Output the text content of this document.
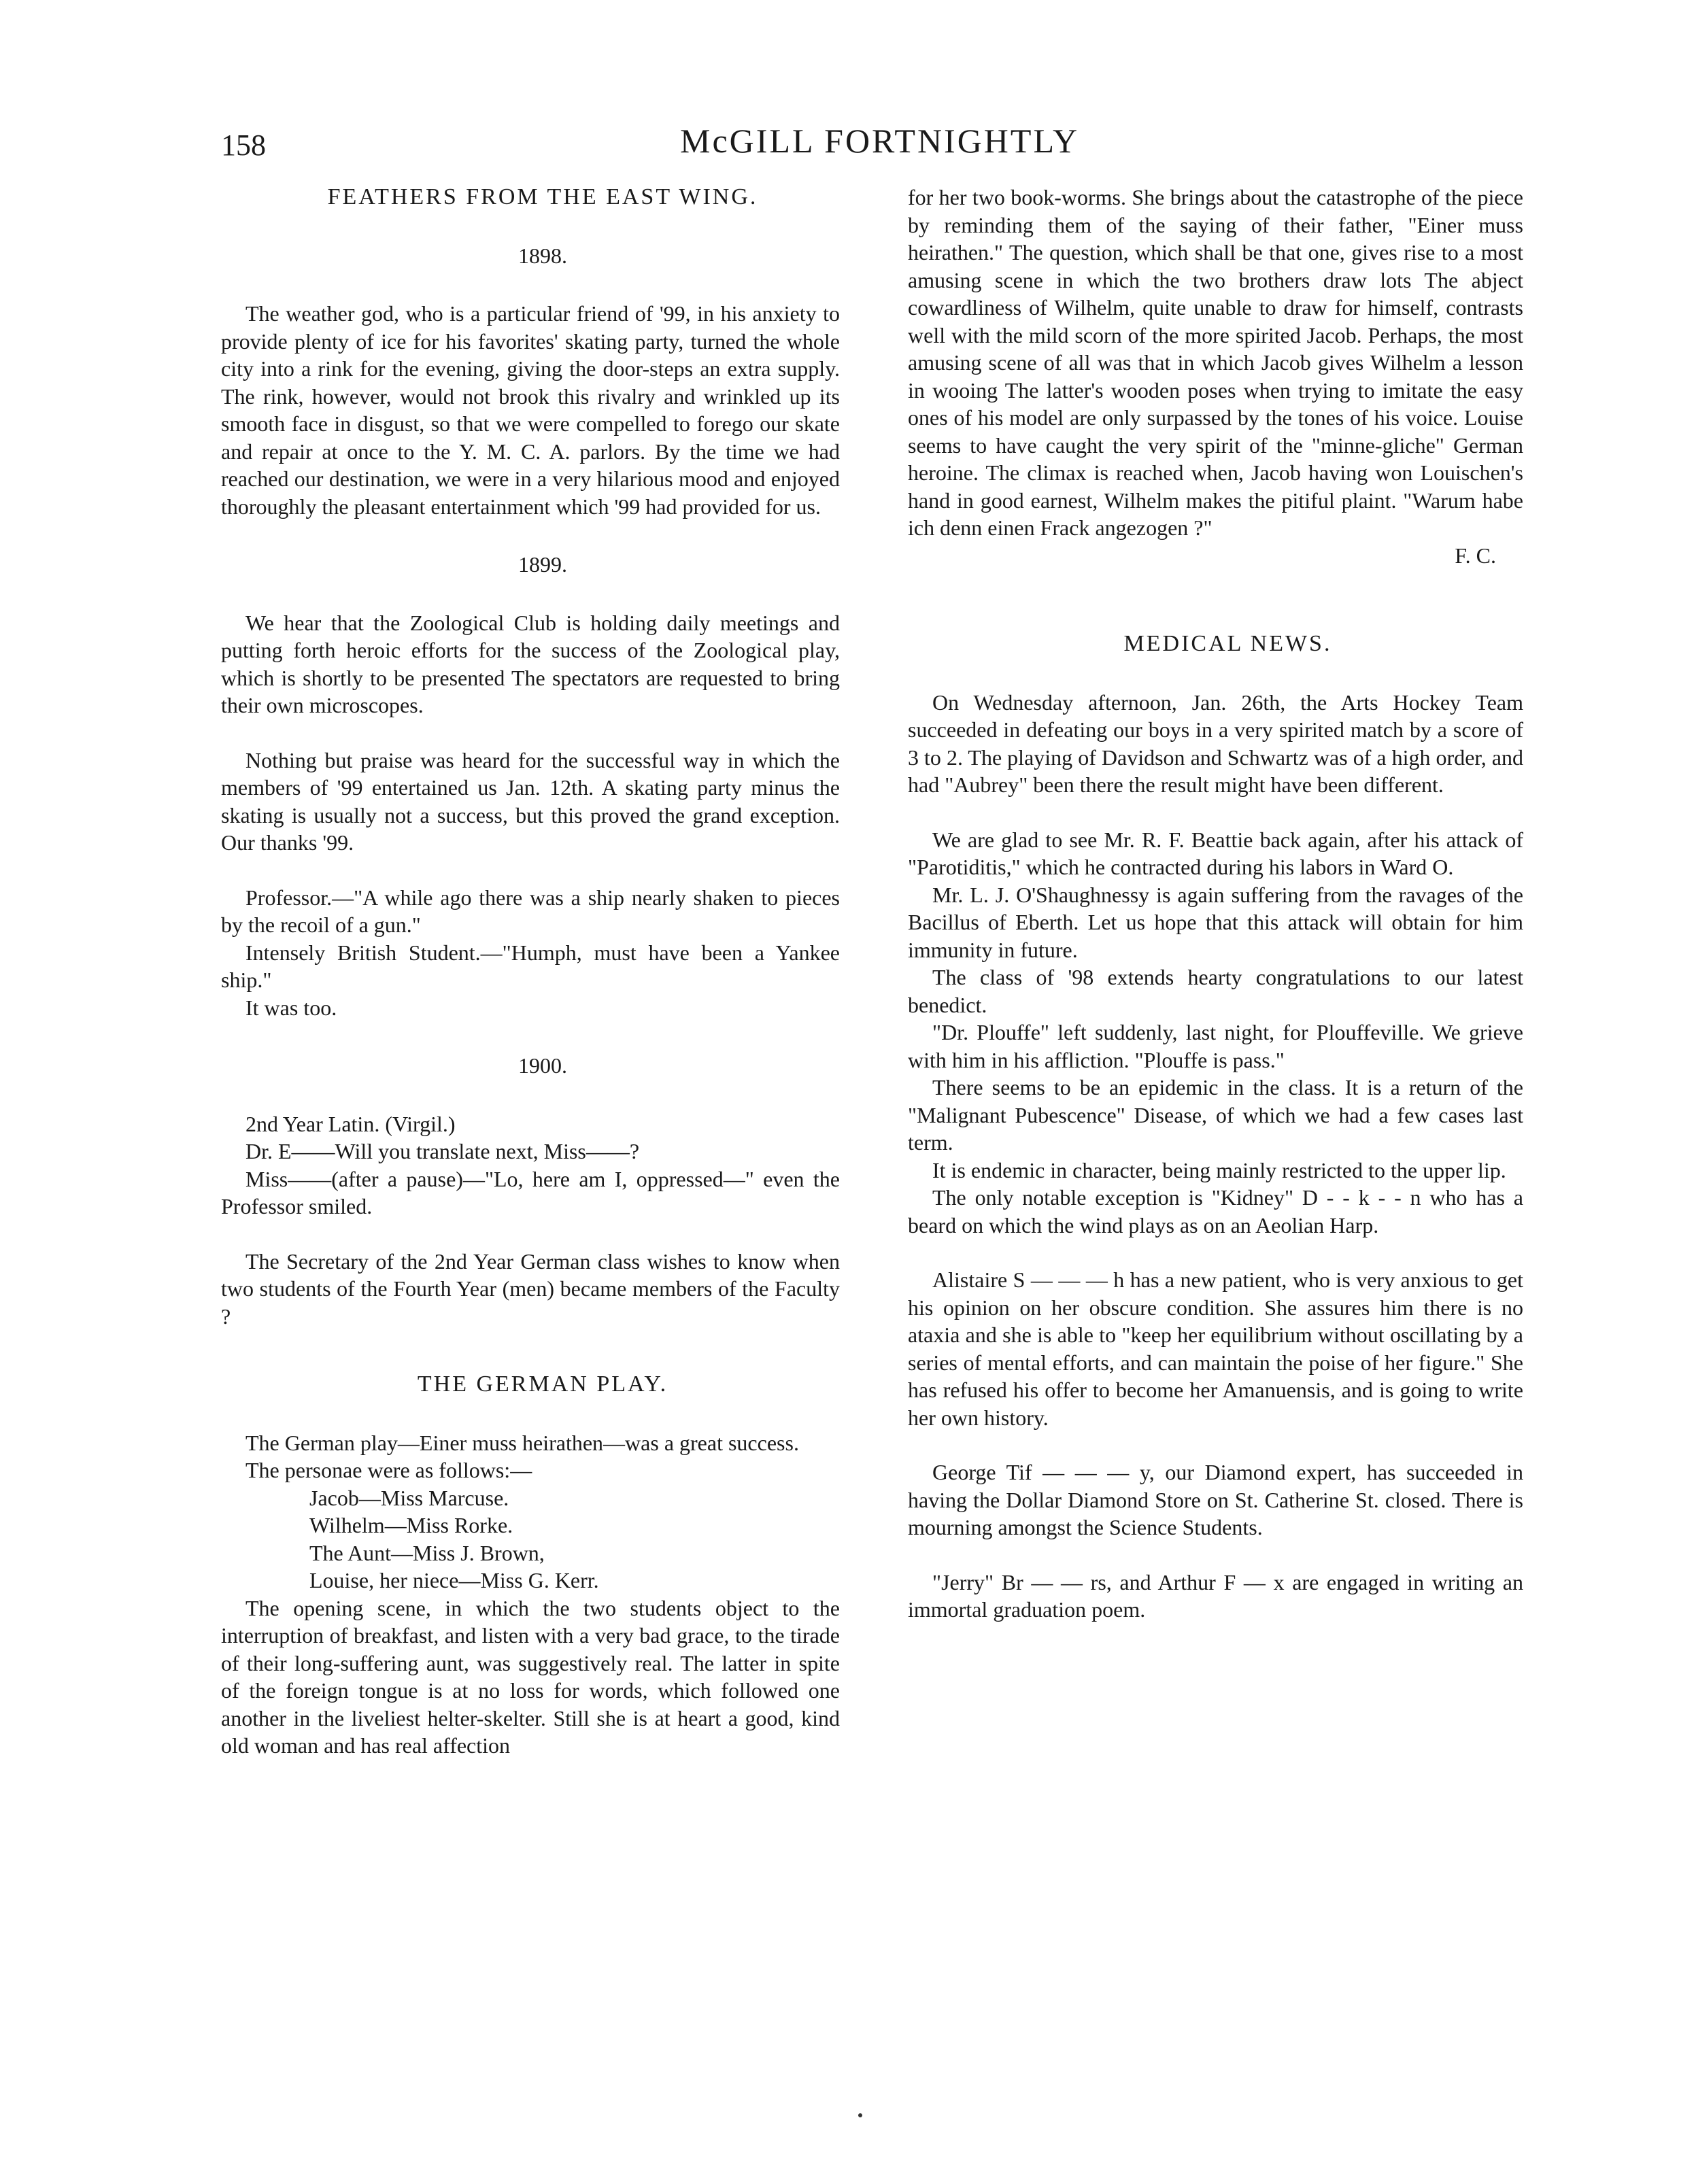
158	McGILL FORTNIGHTLY

FEATHERS FROM THE EAST WING.

1898.

The weather god, who is a particular friend of '99, in his anxiety to provide plenty of ice for his favorites' skating party, turned the whole city into a rink for the evening, giving the door-steps an extra supply. The rink, however, would not brook this rivalry and wrinkled up its smooth face in disgust, so that we were compelled to forego our skate and repair at once to the Y. M. C. A. parlors. By the time we had reached our destination, we were in a very hilarious mood and enjoyed thoroughly the pleasant entertainment which '99 had provided for us.

1899.

We hear that the Zoological Club is holding daily meetings and putting forth heroic efforts for the success of the Zoological play, which is shortly to be presented The spectators are requested to bring their own microscopes.

Nothing but praise was heard for the successful way in which the members of '99 entertained us Jan. 12th. A skating party minus the skating is usually not a success, but this proved the grand exception. Our thanks '99.

Professor.—"A while ago there was a ship nearly shaken to pieces by the recoil of a gun."

Intensely British Student.—"Humph, must have been a Yankee ship."

It was too.

1900.

2nd Year Latin. (Virgil.)

Dr. E——Will you translate next, Miss——?

Miss——(after a pause)—"Lo, here am I, oppressed—" even the Professor smiled.

The Secretary of the 2nd Year German class wishes to know when two students of the Fourth Year (men) became members of the Faculty ?

THE GERMAN PLAY.

The German play—Einer muss heirathen—was a great success.

The personae were as follows:—

Jacob—Miss Marcuse.
Wilhelm—Miss Rorke.
The Aunt—Miss J. Brown,
Louise, her niece—Miss G. Kerr.

The opening scene, in which the two students object to the interruption of breakfast, and listen with a very bad grace, to the tirade of their long-suffering aunt, was suggestively real. The latter in spite of the foreign tongue is at no loss for words, which followed one another in the liveliest helter-skelter. Still she is at heart a good, kind old woman and has real affection

for her two book-worms. She brings about the catastrophe of the piece by reminding them of the saying of their father, "Einer muss heirathen." The question, which shall be that one, gives rise to a most amusing scene in which the two brothers draw lots The abject cowardliness of Wilhelm, quite unable to draw for himself, contrasts well with the mild scorn of the more spirited Jacob. Perhaps, the most amusing scene of all was that in which Jacob gives Wilhelm a lesson in wooing The latter's wooden poses when trying to imitate the easy ones of his model are only surpassed by the tones of his voice. Louise seems to have caught the very spirit of the "minne-gliche" German heroine. The climax is reached when, Jacob having won Louischen's hand in good earnest, Wilhelm makes the pitiful plaint. "Warum habe ich denn einen Frack angezogen ?"

F. C.

MEDICAL NEWS.

On Wednesday afternoon, Jan. 26th, the Arts Hockey Team succeeded in defeating our boys in a very spirited match by a score of 3 to 2. The playing of Davidson and Schwartz was of a high order, and had "Aubrey" been there the result might have been different.

We are glad to see Mr. R. F. Beattie back again, after his attack of "Parotiditis," which he contracted during his labors in Ward O.

Mr. L. J. O'Shaughnessy is again suffering from the ravages of the Bacillus of Eberth. Let us hope that this attack will obtain for him immunity in future.

The class of '98 extends hearty congratulations to our latest benedict.

"Dr. Plouffe" left suddenly, last night, for Plouffeville. We grieve with him in his affliction. "Plouffe is pass."

There seems to be an epidemic in the class. It is a return of the "Malignant Pubescence" Disease, of which we had a few cases last term.

It is endemic in character, being mainly restricted to the upper lip.

The only notable exception is "Kidney" D - - k - - n who has a beard on which the wind plays as on an Aeolian Harp.

Alistaire S — — — h has a new patient, who is very anxious to get his opinion on her obscure condition. She assures him there is no ataxia and she is able to "keep her equilibrium without oscillating by a series of mental efforts, and can maintain the poise of her figure." She has refused his offer to become her Amanuensis, and is going to write her own history.

George Tif — — — y, our Diamond expert, has succeeded in having the Dollar Diamond Store on St. Catherine St. closed. There is mourning amongst the Science Students.

"Jerry" Br — — rs, and Arthur F — x are engaged in writing an immortal graduation poem.
